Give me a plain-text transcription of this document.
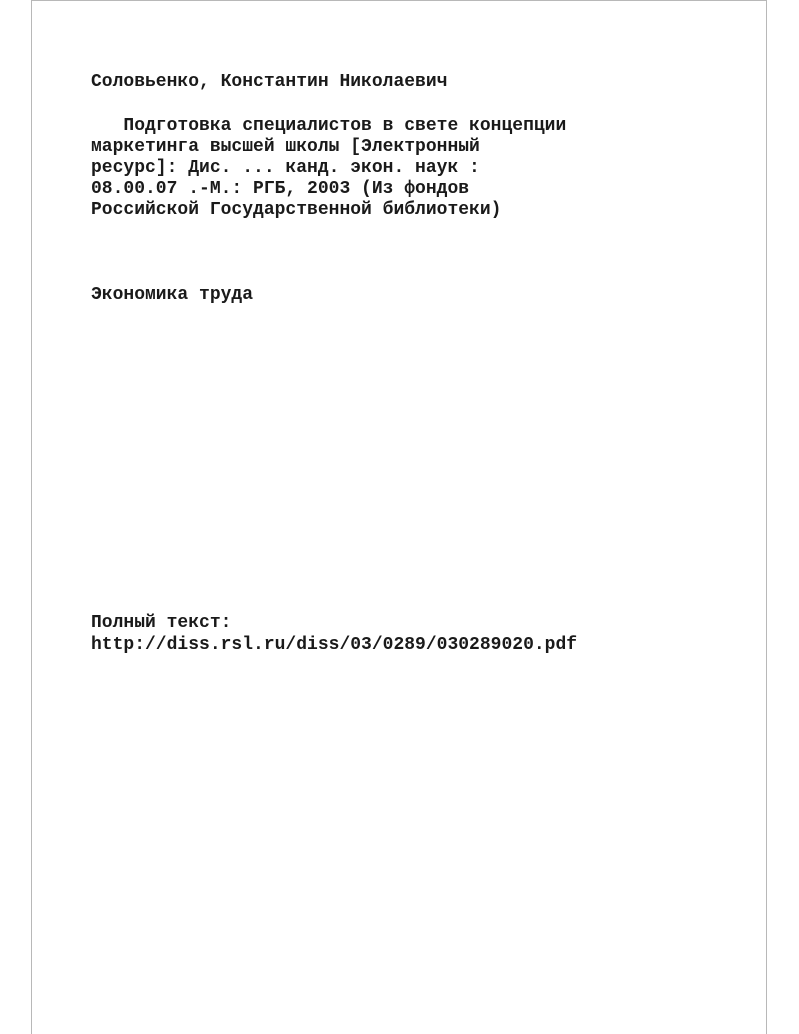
Соловьенко, Константин Николаевич

Подготовка специалистов в свете концепции
маркетинга высшей школы [Электронный
ресурс]: Дис. ... канд. экон. наук :
08.00.07 .-М.: РГБ, 2003 (Из фондов
Российской Государственной библиотеки)

Экономика труда

Полный текст:

http://diss.rsl.ru/diss/03/0289/030289020.pdf
